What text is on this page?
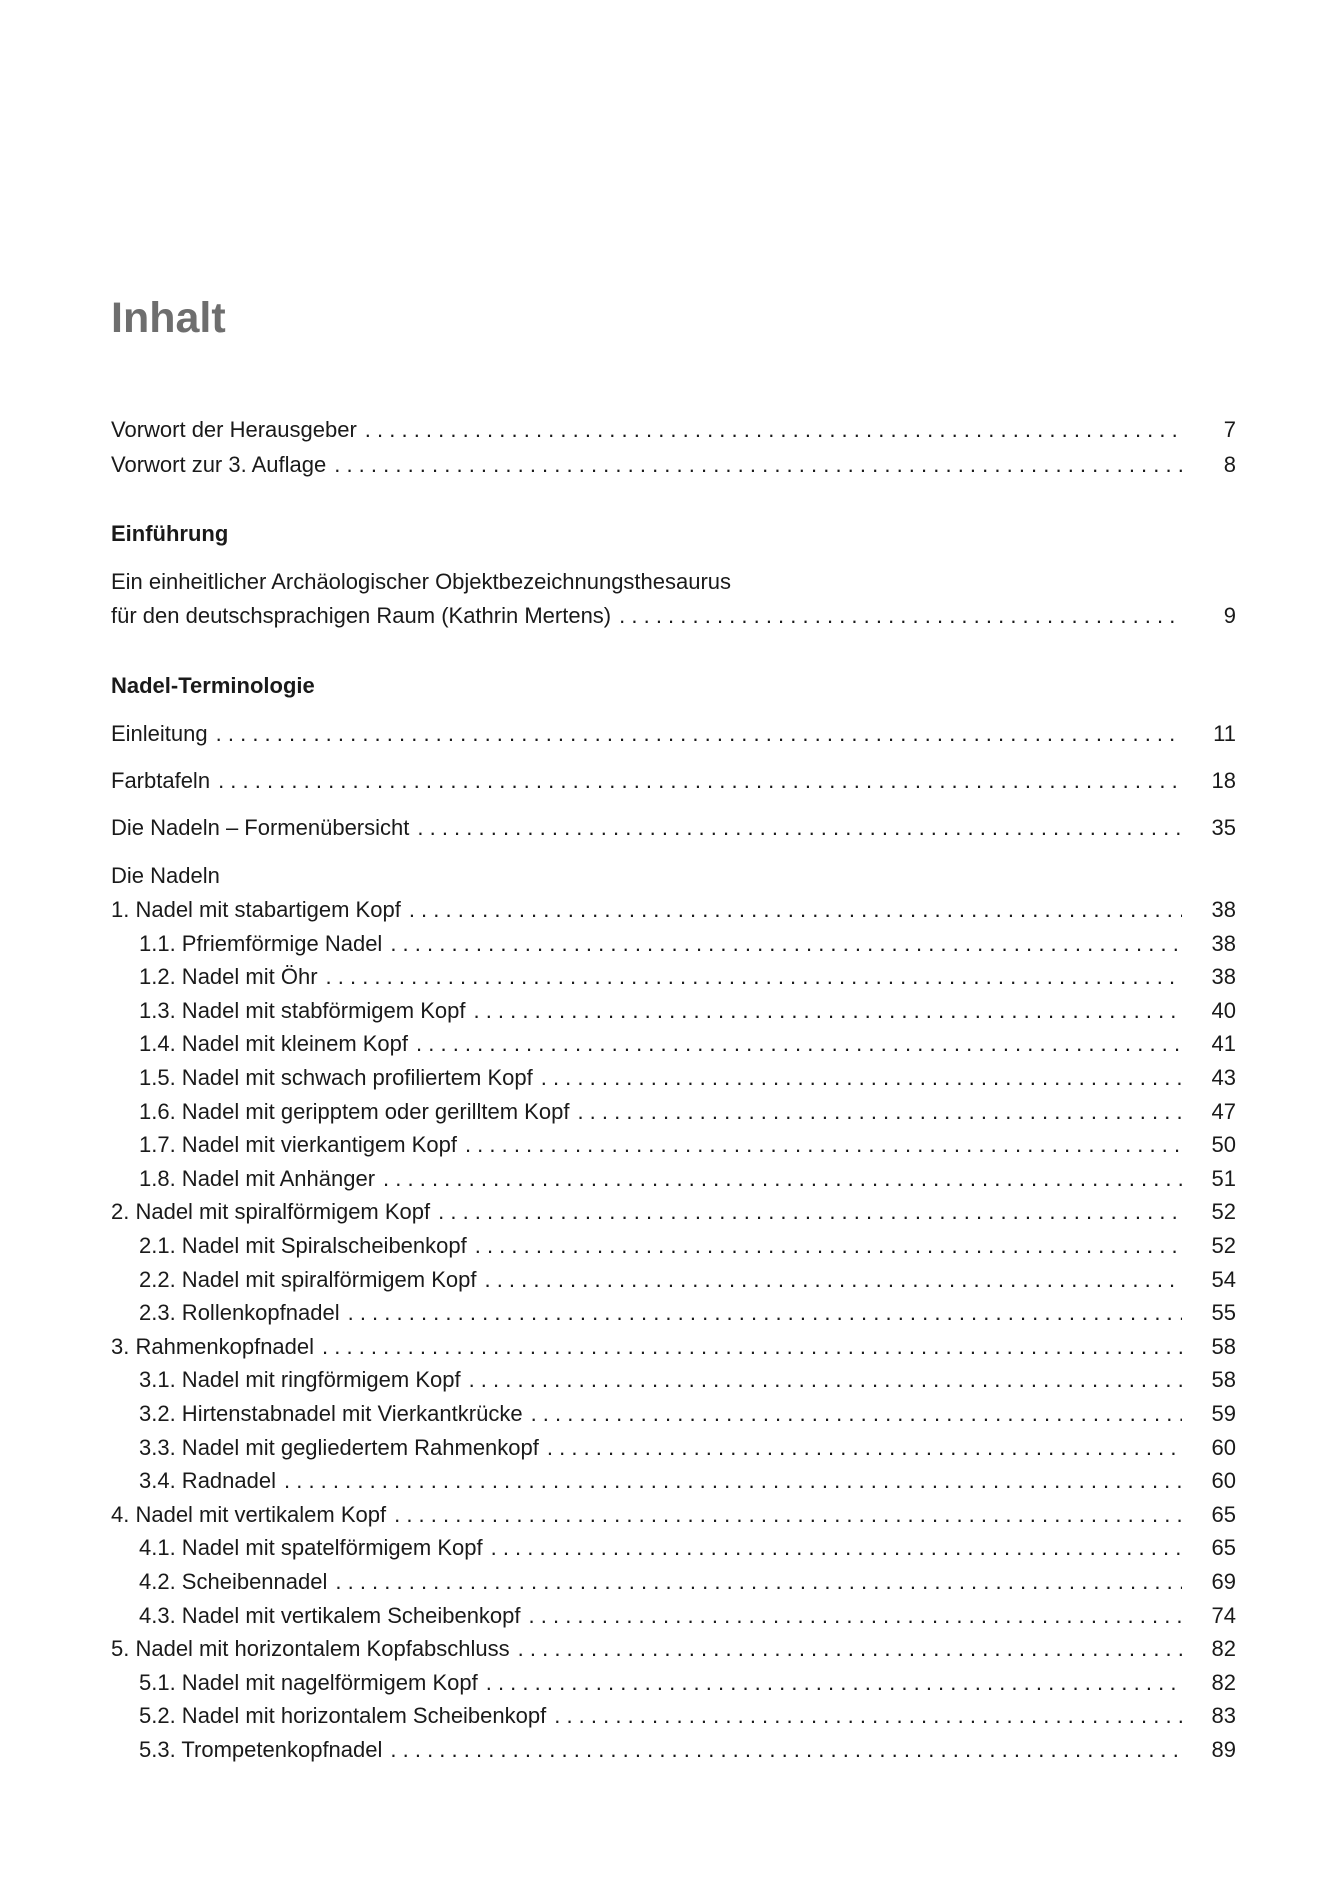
Inhalt
Vorwort der Herausgeber . . .	7
Vorwort zur 3. Auflage . . .	8
Einführung
Ein einheitlicher Archäologischer Objektbezeichnungsthesaurus
für den deutschsprachigen Raum (Kathrin Mertens) . . .	9
Nadel-Terminologie
Einleitung . . .	11
Farbtafeln . . .	18
Die Nadeln – Formenübersicht . . .	35
Die Nadeln
1. Nadel mit stabartigem Kopf . . .	38
1.1. Pfriemförmige Nadel . . .	38
1.2. Nadel mit Öhr . . .	38
1.3. Nadel mit stabförmigem Kopf . . .	40
1.4. Nadel mit kleinem Kopf . . .	41
1.5. Nadel mit schwach profiliertem Kopf . . .	43
1.6. Nadel mit geripptem oder gerilltem Kopf . . .	47
1.7. Nadel mit vierkantigem Kopf . . .	50
1.8. Nadel mit Anhänger . . .	51
2. Nadel mit spiralförmigem Kopf . . .	52
2.1. Nadel mit Spiralscheibenkopf . . .	52
2.2. Nadel mit spiralförmigem Kopf . . .	54
2.3. Rollenkopfnadel . . .	55
3. Rahmenkopfnadel . . .	58
3.1. Nadel mit ringförmigem Kopf . . .	58
3.2. Hirtenstabnadel mit Vierkantkrücke . . .	59
3.3. Nadel mit gegliedertem Rahmenkopf . . .	60
3.4. Radnadel . . .	60
4. Nadel mit vertikalem Kopf . . .	65
4.1. Nadel mit spatelförmigem Kopf . . .	65
4.2. Scheibennadel . . .	69
4.3. Nadel mit vertikalem Scheibenkopf . . .	74
5. Nadel mit horizontalem Kopfabschluss . . .	82
5.1. Nadel mit nagelförmigem Kopf . . .	82
5.2. Nadel mit horizontalem Scheibenkopf . . .	83
5.3. Trompetenkopfnadel . . .	89
